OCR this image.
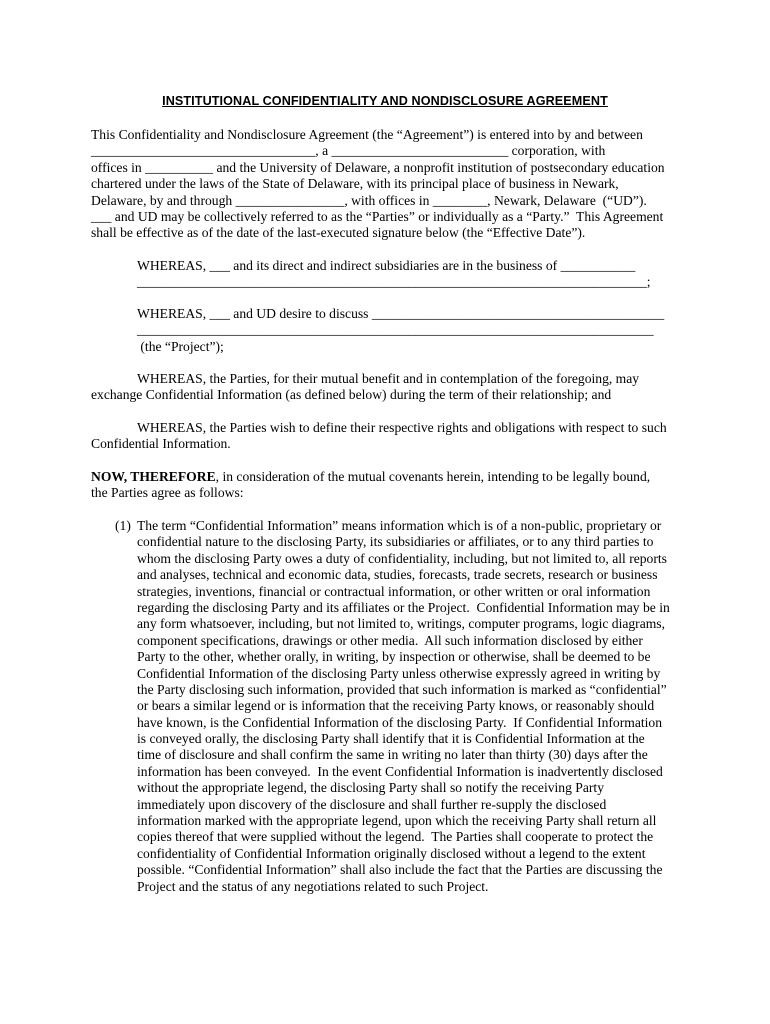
INSTITUTIONAL CONFIDENTIALITY AND NONDISCLOSURE AGREEMENT
This Confidentiality and Nondisclosure Agreement (the “Agreement”) is entered into by and between
_________________________________, a __________________________ corporation, with
offices in __________ and the University of Delaware, a nonprofit institution of postsecondary education
chartered under the laws of the State of Delaware, with its principal place of business in Newark,
Delaware, by and through ________________, with offices in ________, Newark, Delaware  (“UD”).
___ and UD may be collectively referred to as the “Parties” or individually as a “Party.”  This Agreement
shall be effective as of the date of the last-executed signature below (the “Effective Date”).
WHEREAS, ___ and its direct and indirect subsidiaries are in the business of ___________
___________________________________________________________________________;
WHEREAS, ___ and UD desire to discuss ___________________________________________
____________________________________________________________________________
(the “Project”);
WHEREAS, the Parties, for their mutual benefit and in contemplation of the foregoing, may
exchange Confidential Information (as defined below) during the term of their relationship; and
WHEREAS, the Parties wish to define their respective rights and obligations with respect to such
Confidential Information.
NOW, THEREFORE, in consideration of the mutual covenants herein, intending to be legally bound,
the Parties agree as follows:
(1) The term “Confidential Information” means information which is of a non-public, proprietary or
confidential nature to the disclosing Party, its subsidiaries or affiliates, or to any third parties to
whom the disclosing Party owes a duty of confidentiality, including, but not limited to, all reports
and analyses, technical and economic data, studies, forecasts, trade secrets, research or business
strategies, inventions, financial or contractual information, or other written or oral information
regarding the disclosing Party and its affiliates or the Project.  Confidential Information may be in
any form whatsoever, including, but not limited to, writings, computer programs, logic diagrams,
component specifications, drawings or other media.  All such information disclosed by either
Party to the other, whether orally, in writing, by inspection or otherwise, shall be deemed to be
Confidential Information of the disclosing Party unless otherwise expressly agreed in writing by
the Party disclosing such information, provided that such information is marked as “confidential”
or bears a similar legend or is information that the receiving Party knows, or reasonably should
have known, is the Confidential Information of the disclosing Party.  If Confidential Information
is conveyed orally, the disclosing Party shall identify that it is Confidential Information at the
time of disclosure and shall confirm the same in writing no later than thirty (30) days after the
information has been conveyed.  In the event Confidential Information is inadvertently disclosed
without the appropriate legend, the disclosing Party shall so notify the receiving Party
immediately upon discovery of the disclosure and shall further re-supply the disclosed
information marked with the appropriate legend, upon which the receiving Party shall return all
copies thereof that were supplied without the legend.  The Parties shall cooperate to protect the
confidentiality of Confidential Information originally disclosed without a legend to the extent
possible. “Confidential Information” shall also include the fact that the Parties are discussing the
Project and the status of any negotiations related to such Project.
